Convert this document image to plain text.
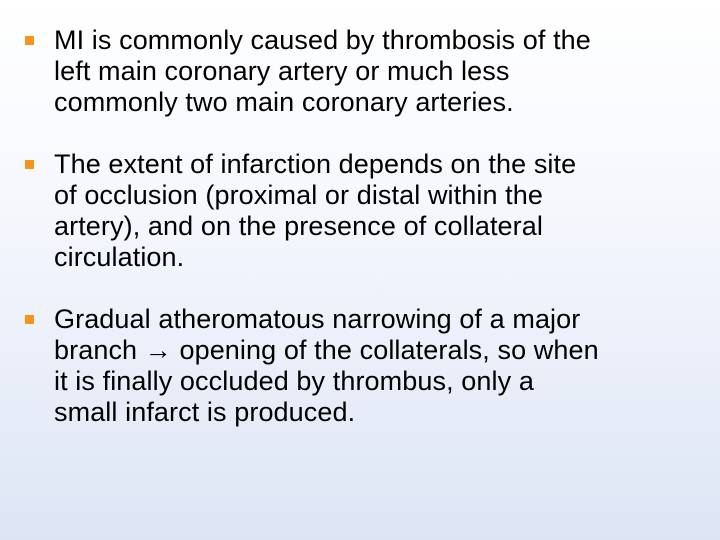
MI is commonly caused by thrombosis of the
left main coronary artery or much less
commonly two main coronary arteries.
The extent of infarction depends on the site
of occlusion (proximal or distal within the
artery), and on the presence of collateral
circulation.
Gradual atheromatous narrowing of a major
branch → opening of the collaterals, so when
it is finally occluded by thrombus, only a
small infarct is produced.
